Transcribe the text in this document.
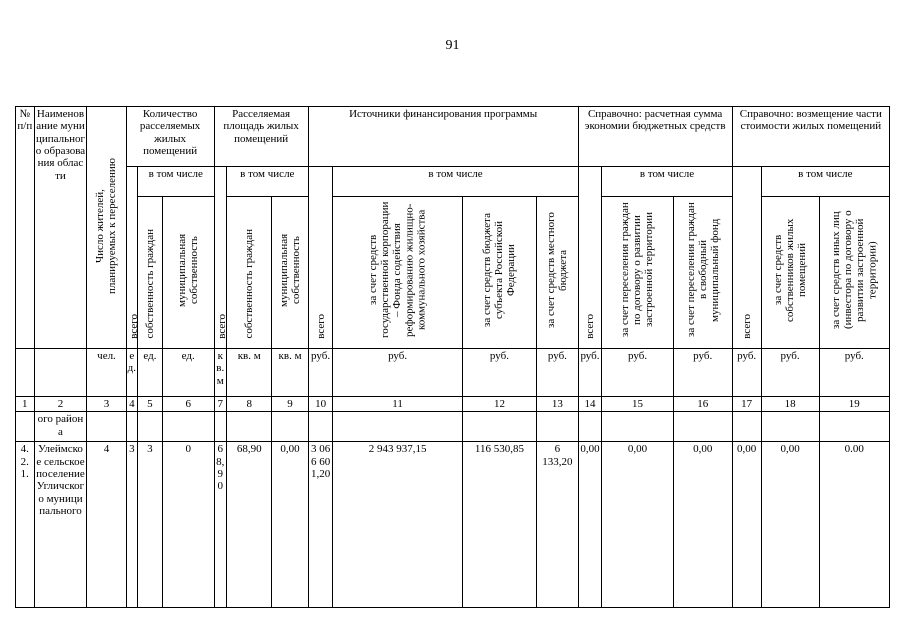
91
№ п/п	Наименование муниципального образования области	Число жителей, планируемых к переселению	Количество расселяемых жилых помещений			Расселяемая площадь жилых помещений			Источники финансирования программы				Справочно: расчетная сумма экономии бюджетных средств			Справочно: возмещение части стоимости жилых помещений		
			всего	в том числе		всего	в том числе		всего	в том числе			всего	в том числе		всего	в том числе	
				собственность граждан	муниципальная собственность		собственность граждан	муниципальная собственность		за счет средств государственной корпорации – Фонда содействия реформированию жилищно-коммунального хозяйства	за счет средств бюджета субъекта Российской Федерации	за счет средств местного бюджета		за счет переселения граждан по договору о развитии застроенной территории	за счет переселения граждан в свободный муниципальный фонд		за счет средств собственников жилых помещений	за счет средств иных лиц (инвестора по договору о развитии застроенной территории)
		чел.	ед.	ед.	ед.	кв. м	кв. м	кв. м	руб.	руб.	руб.	руб.	руб.	руб.	руб.	руб.	руб.	руб.
1	2	3	4	5	6	7	8	9	10	11	12	13	14	15	16	17	18	19
	ого района																	
4.2.1.	Улеймское сельское поселение Угличского муниципального	4	3	3	0	68,90	68,90	0,00	3 066 601,20	2 943 937,15	116 530,85	6 133,20	0,00	0,00	0,00	0,00	0,00	0.00
